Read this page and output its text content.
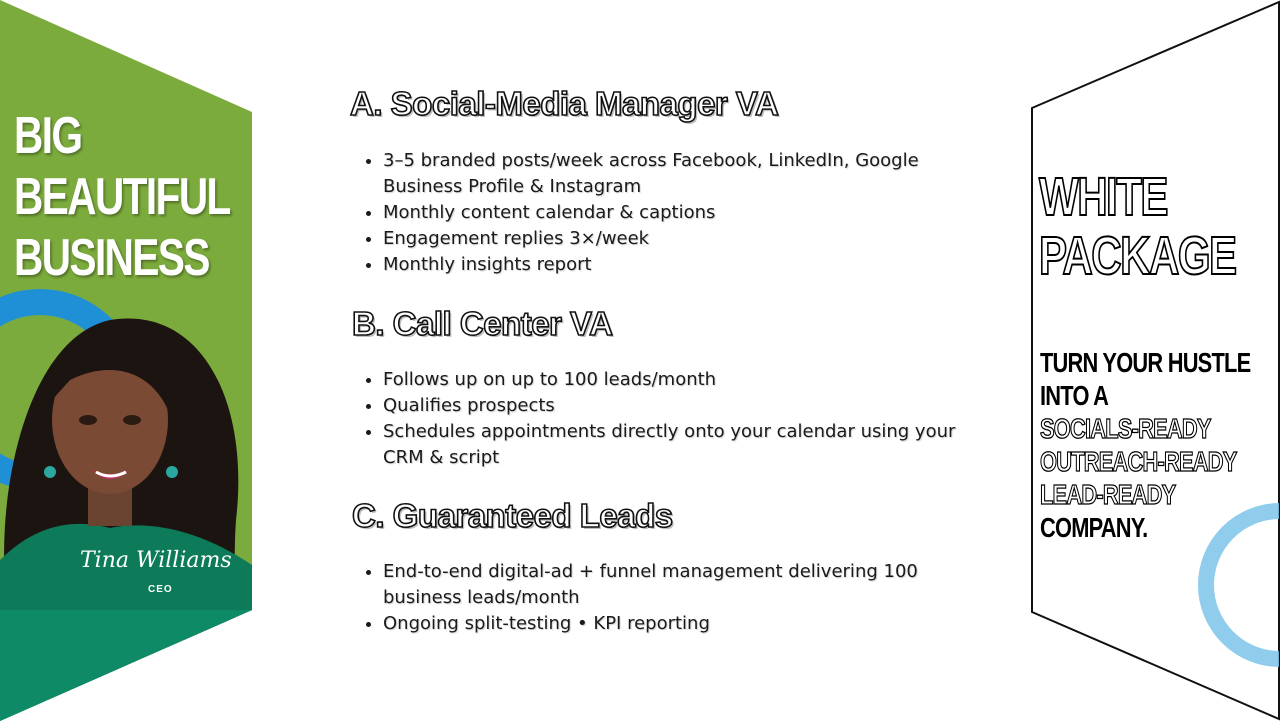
BIG
BEAUTIFUL
BUSINESS
Tina Williams
CEO
A. Social-Media Manager VA
• 3–5 branded posts/week across Facebook, LinkedIn, Google Business Profile & Instagram
• Monthly content calendar & captions
• Engagement replies 3×/week
• Monthly insights report
B. Call Center VA
• Follows up on up to 100 leads/month
• Qualifies prospects
• Schedules appointments directly onto your calendar using your CRM & script
C. Guaranteed Leads
• End-to-end digital-ad + funnel management delivering 100 business leads/month
• Ongoing split-testing • KPI reporting
WHITE
PACKAGE
TURN YOUR HUSTLE
INTO A
SOCIALS-READY
OUTREACH-READY
LEAD-READY
COMPANY.
